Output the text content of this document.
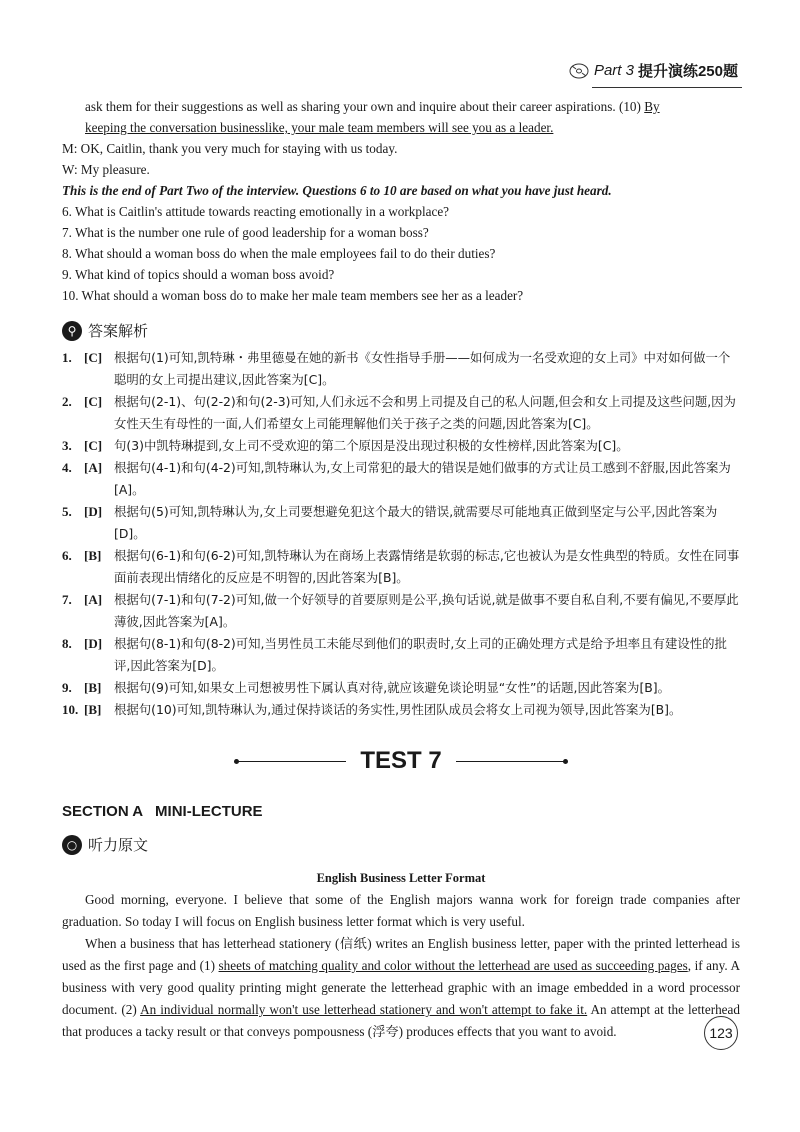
Part 3 提升演练250题
ask them for their suggestions as well as sharing your own and inquire about their career aspirations. (10) By
keeping the conversation businesslike, your male team members will see you as a leader.
M: OK, Caitlin, thank you very much for staying with us today.
W: My pleasure.
This is the end of Part Two of the interview. Questions 6 to 10 are based on what you have just heard.
6. What is Caitlin's attitude towards reacting emotionally in a workplace?
7. What is the number one rule of good leadership for a woman boss?
8. What should a woman boss do when the male employees fail to do their duties?
9. What kind of topics should a woman boss avoid?
10. What should a woman boss do to make her male team members see her as a leader?
⚲ 答案解析
1. [C] 根据句(1)可知,凯特琳・弗里德曼在她的新书《女性指导手册——如何成为一名受欢迎的女上司》中对如何做一个聪明的女上司提出建议,因此答案为[C]。
2. [C] 根据句(2-1)、句(2-2)和句(2-3)可知,人们永远不会和男上司提及自己的私人问题,但会和女上司提及这些问题,因为女性天生有母性的一面,人们希望女上司能理解他们关于孩子之类的问题,因此答案为[C]。
3. [C] 句(3)中凯特琳提到,女上司不受欢迎的第二个原因是没出现过积极的女性榜样,因此答案为[C]。
4. [A] 根据句(4-1)和句(4-2)可知,凯特琳认为,女上司常犯的最大的错误是她们做事的方式让员工感到不舒服,因此答案为[A]。
5. [D] 根据句(5)可知,凯特琳认为,女上司要想避免犯这个最大的错误,就需要尽可能地真正做到坚定与公平,因此答案为[D]。
6. [B]	根据句(6-1)和句(6-2)可知,凯特琳认为在商场上表露情绪是软弱的标志,它也被认为是女性典型的特质。女性在同事面前表现出情绪化的反应是不明智的,因此答案为[B]。
7. [A] 根据句(7-1)和句(7-2)可知,做一个好领导的首要原则是公平,换句话说,就是做事不要自私自利,不要有偏见,不要厚此薄彼,因此答案为[A]。
8. [D] 根据句(8-1)和句(8-2)可知,当男性员工未能尽到他们的职责时,女上司的正确处理方式是给予坦率且有建设性的批评,因此答案为[D]。
9. [B]	根据句(9)可知,如果女上司想被男性下属认真对待,就应该避免谈论明显“女性”的话题,因此答案为[B]。
10. [B]	根据句(10)可知,凯特琳认为,通过保持谈话的务实性,男性团队成员会将女上司视为领导,因此答案为[B]。
TEST 7
SECTION A   MINI-LECTURE
○ 听力原文
English Business Letter Format
Good morning, everyone. I believe that some of the English majors wanna work for foreign trade companies after graduation. So today I will focus on English business letter format which is very useful.
When a business that has letterhead stationery (信纸) writes an English business letter, paper with the printed letterhead is used as the first page and (1) sheets of matching quality and color without the letterhead are used as succeeding pages, if any. A business with very good quality printing might generate the letterhead graphic with an image embedded in a word processor document. (2) An individual normally won't use letterhead stationery and won't attempt to fake it. An attempt at the letterhead that produces a tacky result or that conveys pompousness (浮夸) produces effects that you want to avoid.	123
